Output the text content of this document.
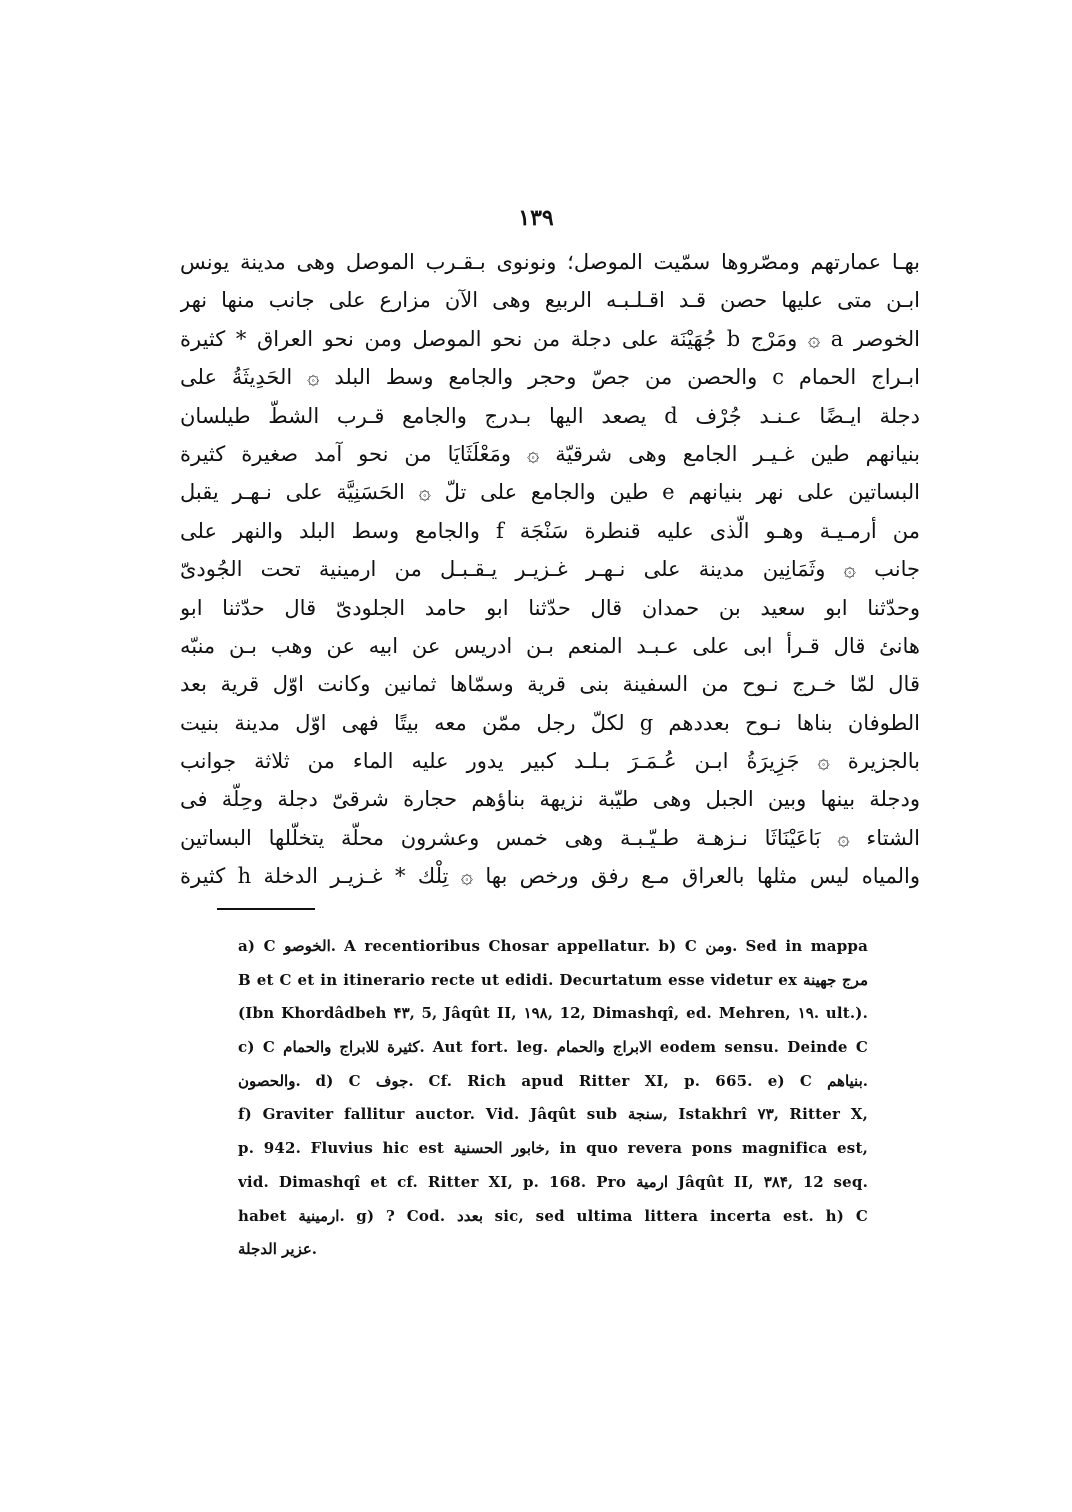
١٣٩
بهـا عمارتهم ومصّروها سمّيت الموصل؛ ونونوى بـقـرب الموصل وهى مدينة يونس
ابـن متى عليها حصن قـد اقـلـبـه الربيع وهى الآن مزارع على جانب منها نهر
الخوصر a ۞ ومَرْج b جُهَيْنَة على دجلة من نحو الموصل ومن نحو العراق * كثيرة
ابـراج الحمام c والحصن من جصّ وحجر والجامع وسط البلد ۞ الحَدِيثَةُ على
دجلة ايـضًا عـنـد جُرْف d يصعد اليها بـدرج والجامع قـرب الشطّ طيلسان
بنيانهم طين غـيـر الجامع وهى شرقيّة ۞ ومَعْلَثَايَا من نحو آمد صغيرة كثيرة
البساتين على نهر بنيانهم e طين والجامع على تلّ ۞ الحَسَنِيَّة على نـهـر يقبل
من أرمـيـة وهـو الّذى عليه قنطرة سَنْجَة f والجامع وسط البلد والنهر على
جانب ۞ وثَمَانِين مدينة على نـهـر غـزيـر يـقـبـل من ارمينية تحت الجُودىّ
وحدّثنا ابو سعيد بن حمدان قال حدّثنا ابو حامد الجلودىّ قال حدّثنا ابو
هانئ قال قـرأ ابى على عـبـد المنعم بـن ادريس عن ابيه عن وهب بـن منبّه
قال لمّا خـرج نـوح من السفينة بنى قرية وسمّاها ثمانين وكانت اوّل قرية بعد
الطوفان بناها نـوح بعددهم g لكلّ رجل ممّن معه بيتًا فهى اوّل مدينة بنيت
بالجزيرة ۞ جَزِيرَةُ ابـن عُـمَـرَ بـلـد كبير يدور عليه الماء من ثلاثة جوانب
ودجلة بينها وبين الجبل وهى طيّبة نزيهة بناؤهم حجارة شرقىّ دجلة وحِلّة فى
الشتاء ۞ بَاعَيْنَاثَا نـزهـة طـيّـبـة وهى خمس وعشرون محلّة يتخلّلها البساتين
والمياه ليس مثلها بالعراق مـع رفق ورخص بها ۞ تِلْك * غـزيـر الدخلة h كثيرة
a) C الخوصو. A recentioribus Chosar appellatur. b) C ومن. Sed in mappa
B et C et in itinerario recte ut edidi. Decurtatum esse videtur ex مرج جهينة
(Ibn Khordâdbeh ۴۳, 5, Jâqût II, ۱۹۸, 12, Dimashqî, ed. Mehren, ۱۹. ult.).
c) C كثيرة للابراج والحمام. Aut fort. leg. الابراج والحمام eodem sensu. Deinde C
والحصون. d) C جوف. Cf. Rich apud Ritter XI, p. 665. e) C بنياهم.
f) Graviter fallitur auctor. Vid. Jâqût sub سنجة, Istakhrî ۷۳, Ritter X,
p. 942. Fluvius hic est خابور الحسنية, in quo revera pons magnifica est,
vid. Dimashqî et cf. Ritter XI, p. 168. Pro ارمية Jâqût II, ۳۸۴, 12 seq.
habet ارمينية. g) ? Cod. بعدد sic, sed ultima littera incerta est. h) C
عزير الدجلة.
